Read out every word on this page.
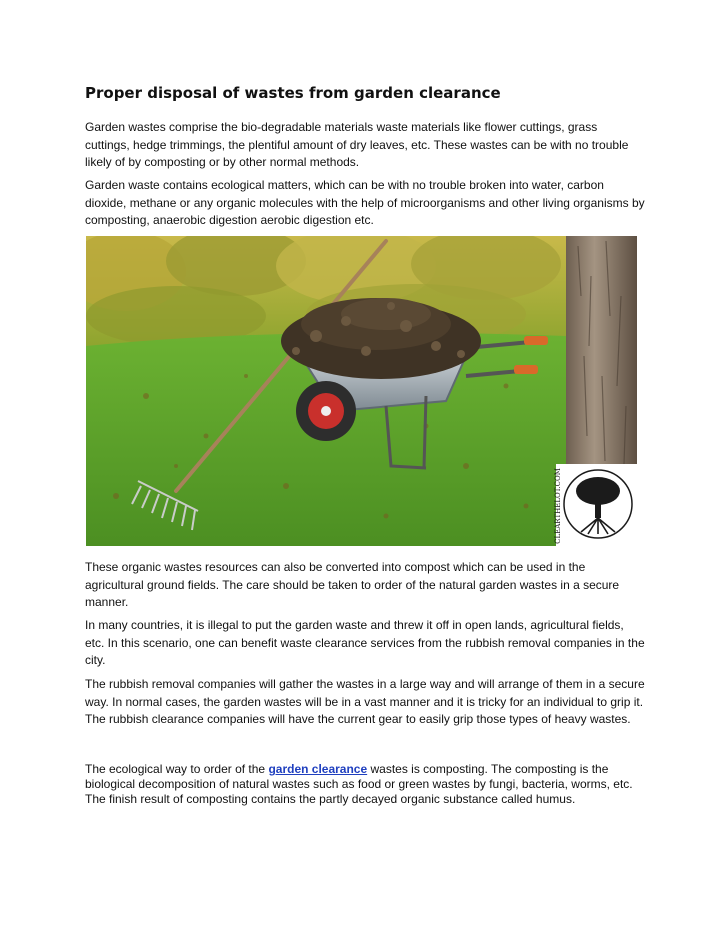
Proper disposal of wastes from garden clearance

Garden wastes comprise the bio-degradable materials waste materials like flower cuttings, grass cuttings, hedge trimmings, the plentiful amount of dry leaves, etc. These wastes can be with no trouble likely of by composting or by other normal methods.

Garden waste contains ecological matters, which can be with no trouble broken into water, carbon dioxide, methane or any organic molecules with the help of microorganisms and other living organisms by composting, anaerobic digestion aerobic digestion etc.

CLEARTHELOT.COM

These organic wastes resources can also be converted into compost which can be used in the agricultural ground fields. The care should be taken to order of the natural garden wastes in a secure manner.

In many countries, it is illegal to put the garden waste and threw it off in open lands, agricultural fields, etc. In this scenario, one can benefit waste clearance services from the rubbish removal companies in the city.

The rubbish removal companies will gather the wastes in a large way and will arrange of them in a secure way. In normal cases, the garden wastes will be in a vast manner and it is tricky for an individual to grip it. The rubbish clearance companies will have the current gear to easily grip those types of heavy wastes.

The ecological way to order of the garden clearance wastes is composting. The composting is the biological decomposition of natural wastes such as food or green wastes by fungi, bacteria, worms, etc. The finish result of composting contains the partly decayed organic substance called humus.
